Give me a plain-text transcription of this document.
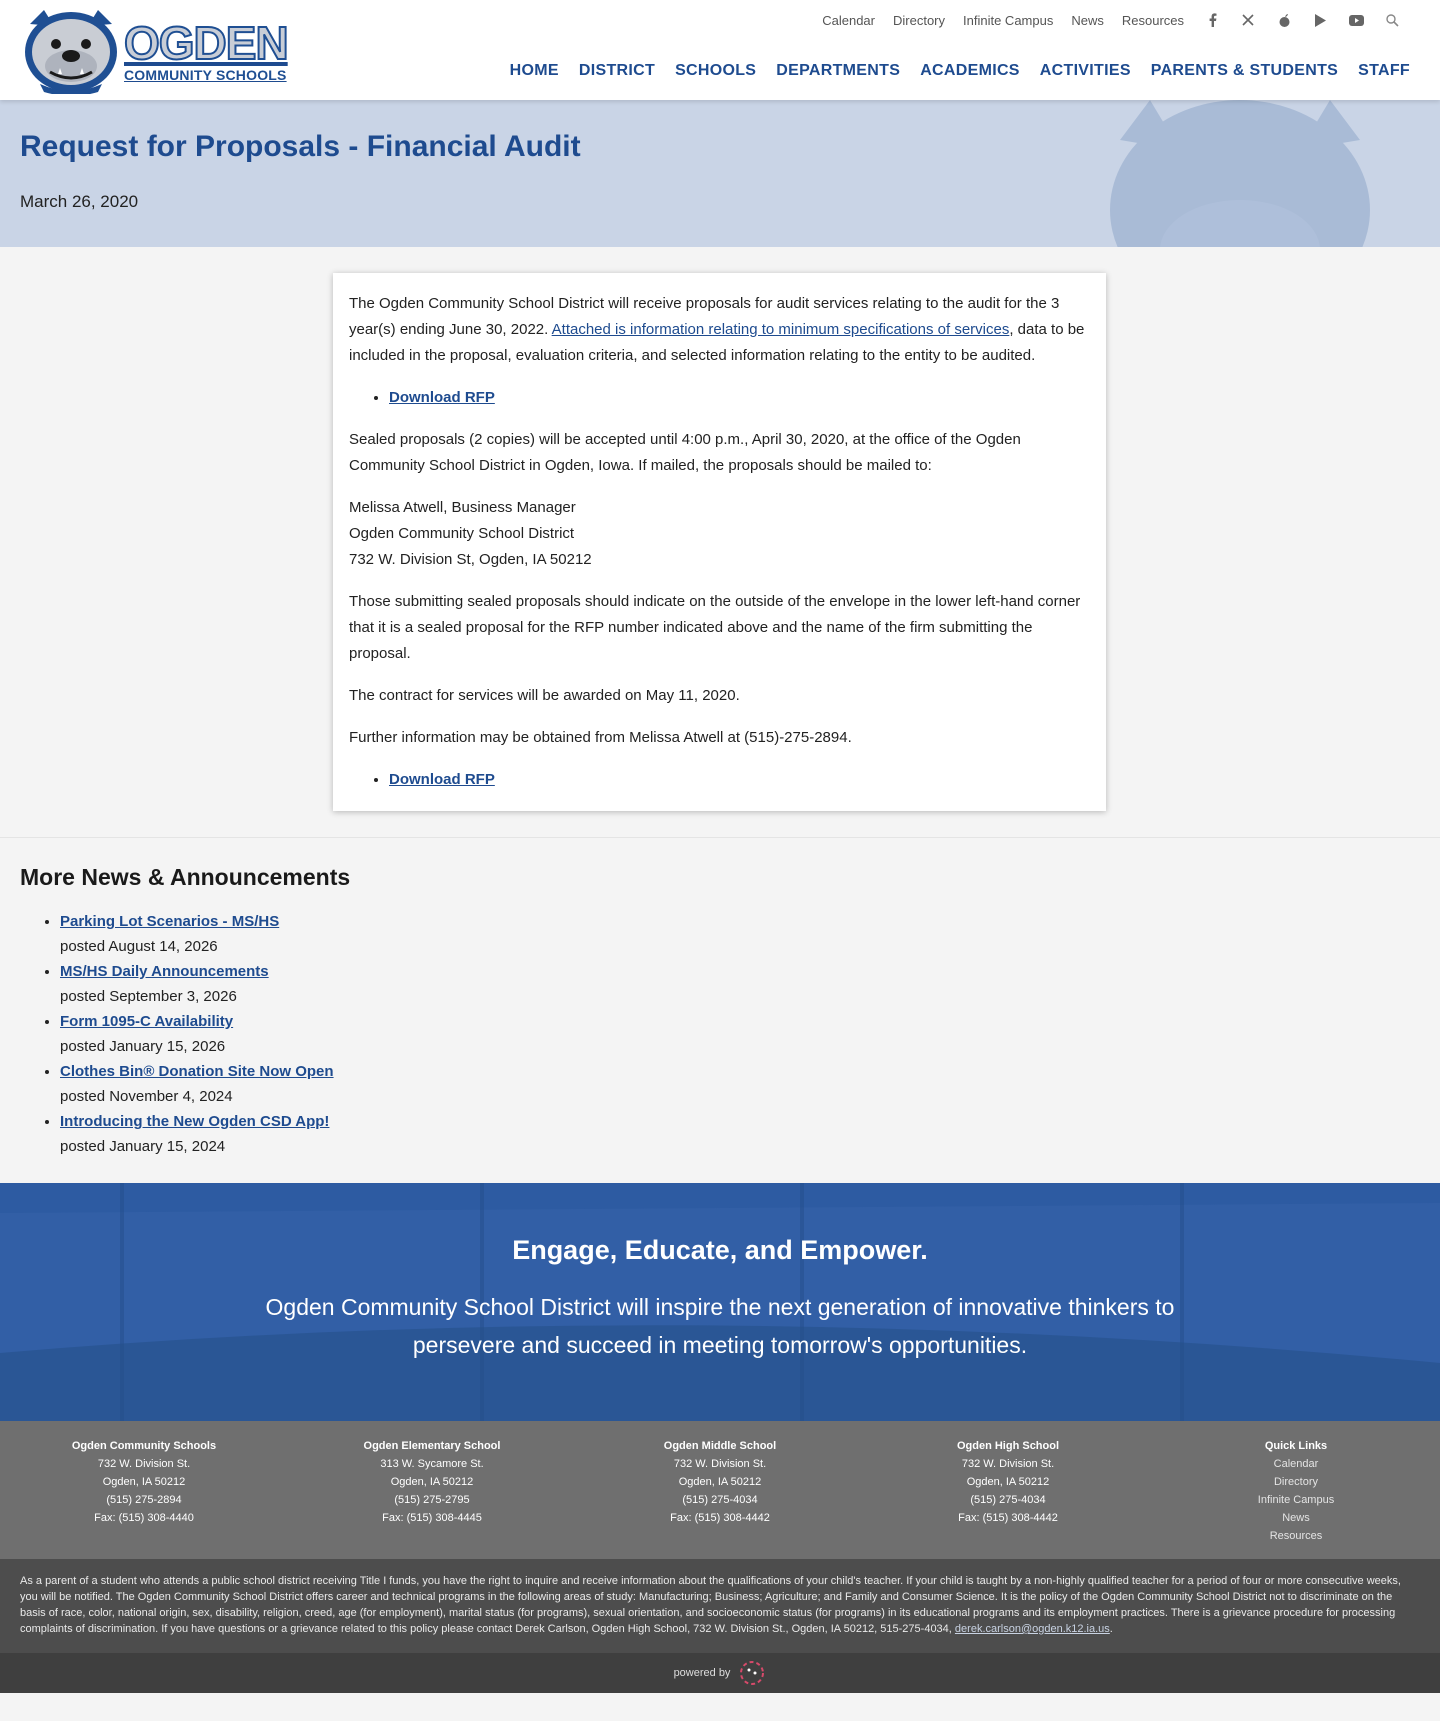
OGDEN
COMMUNITY SCHOOLS
Calendar Directory Infinite Campus News Resources
HOME DISTRICT SCHOOLS DEPARTMENTS ACADEMICS ACTIVITIES PARENTS & STUDENTS STAFF
Request for Proposals - Financial Audit
March 26, 2020

The Ogden Community School District will receive proposals for audit services relating to the audit for the 3 year(s) ending June 30, 2022. Attached is information relating to minimum specifications of services, data to be included in the proposal, evaluation criteria, and selected information relating to the entity to be audited.

• Download RFP

Sealed proposals (2 copies) will be accepted until 4:00 p.m., April 30, 2020, at the office of the Ogden Community School District in Ogden, Iowa. If mailed, the proposals should be mailed to:

Melissa Atwell, Business Manager
Ogden Community School District
732 W. Division St, Ogden, IA 50212

Those submitting sealed proposals should indicate on the outside of the envelope in the lower left-hand corner that it is a sealed proposal for the RFP number indicated above and the name of the firm submitting the proposal.

The contract for services will be awarded on May 11, 2020.

Further information may be obtained from Melissa Atwell at (515)-275-2894.

• Download RFP
More News & Announcements
• Parking Lot Scenarios - MS/HS
posted August 14, 2026
• MS/HS Daily Announcements
posted September 3, 2026
• Form 1095-C Availability
posted January 15, 2026
• Clothes Bin® Donation Site Now Open
posted November 4, 2024
• Introducing the New Ogden CSD App!
posted January 15, 2024
Engage, Educate, and Empower.
Ogden Community School District will inspire the next generation of innovative thinkers to persevere and succeed in meeting tomorrow's opportunities.
Ogden Community Schools
732 W. Division St.
Ogden, IA 50212
(515) 275-2894
Fax: (515) 308-4440
Ogden Elementary School
313 W. Sycamore St.
Ogden, IA 50212
(515) 275-2795
Fax: (515) 308-4445
Ogden Middle School
732 W. Division St.
Ogden, IA 50212
(515) 275-4034
Fax: (515) 308-4442
Ogden High School
732 W. Division St.
Ogden, IA 50212
(515) 275-4034
Fax: (515) 308-4442
Quick Links
Calendar
Directory
Infinite Campus
News
Resources
As a parent of a student who attends a public school district receiving Title I funds, you have the right to inquire and receive information about the qualifications of your child's teacher. If your child is taught by a non-highly qualified teacher for a period of four or more consecutive weeks, you will be notified. The Ogden Community School District offers career and technical programs in the following areas of study: Manufacturing; Business; Agriculture; and Family and Consumer Science. It is the policy of the Ogden Community School District not to discriminate on the basis of race, color, national origin, sex, disability, religion, creed, age (for employment), marital status (for programs), sexual orientation, and socioeconomic status (for programs) in its educational programs and its employment practices. There is a grievance procedure for processing complaints of discrimination. If you have questions or a grievance related to this policy please contact Derek Carlson, Ogden High School, 732 W. Division St., Ogden, IA 50212, 515-275-4034, derek.carlson@ogden.k12.ia.us.
powered by
